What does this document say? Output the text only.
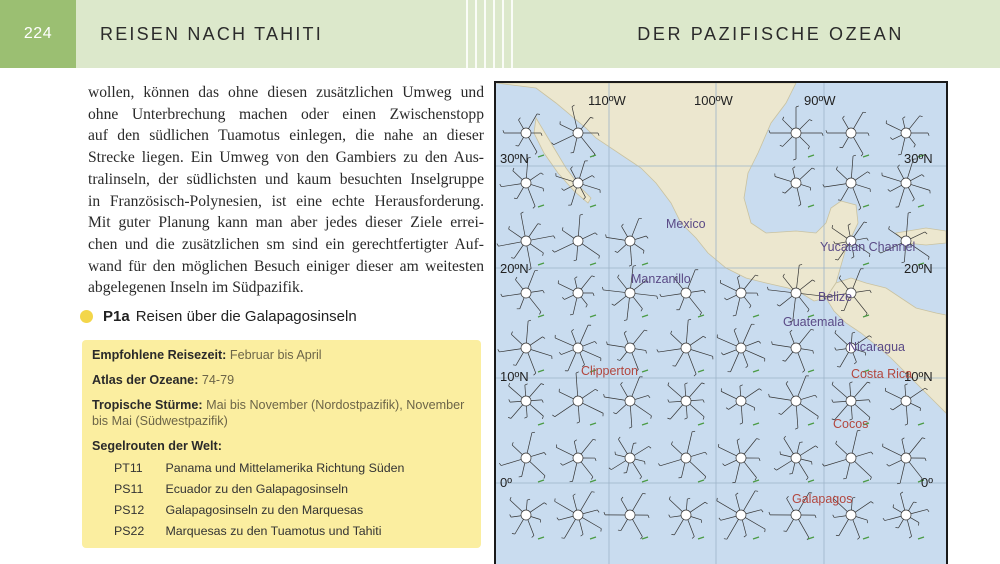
224	REISEN NACH TAHITI	DER PAZIFISCHE OZEAN
wollen, können das ohne diesen zusätzlichen Umweg und
ohne Unterbrechung machen oder einen Zwischenstopp
auf den südlichen Tuamotus einlegen, die nahe an dieser
Strecke liegen. Ein Umweg von den Gambiers zu den Aus-
tralinseln, der südlichsten und kaum besuchten Inselgruppe
in Französisch-Polynesien, ist eine echte Herausforderung.
Mit guter Planung kann man aber jedes dieser Ziele errei-
chen und die zusätzlichen sm sind ein gerechtfertigter Auf-
wand für den möglichen Besuch einiger dieser am weitesten
abgelegenen Inseln im Südpazifik.
P1a Reisen über die Galapagosinseln
Empfohlene Reisezeit: Februar bis April
Atlas der Ozeane: 74-79
Tropische Stürme: Mai bis November (Nordostpazifik), November
bis Mai (Südwestpazifik)
Segelrouten der Welt:
PT11 Panama und Mittelamerika Richtung Süden
PS11 Ecuador zu den Galapagosinseln
PS12 Galapagosinseln zu den Marquesas
PS22 Marquesas zu den Tuamotus und Tahiti
110ºW	100ºW	90ºW
30ºN	30ºN
20ºN	20ºN
10ºN	10ºN
0º	0º
Mexico
Manzanillo
Yucatan Channel
Belize
Guatemala
Nicaragua
Costa Rica
Clipperton
Cocos
Galapagos
